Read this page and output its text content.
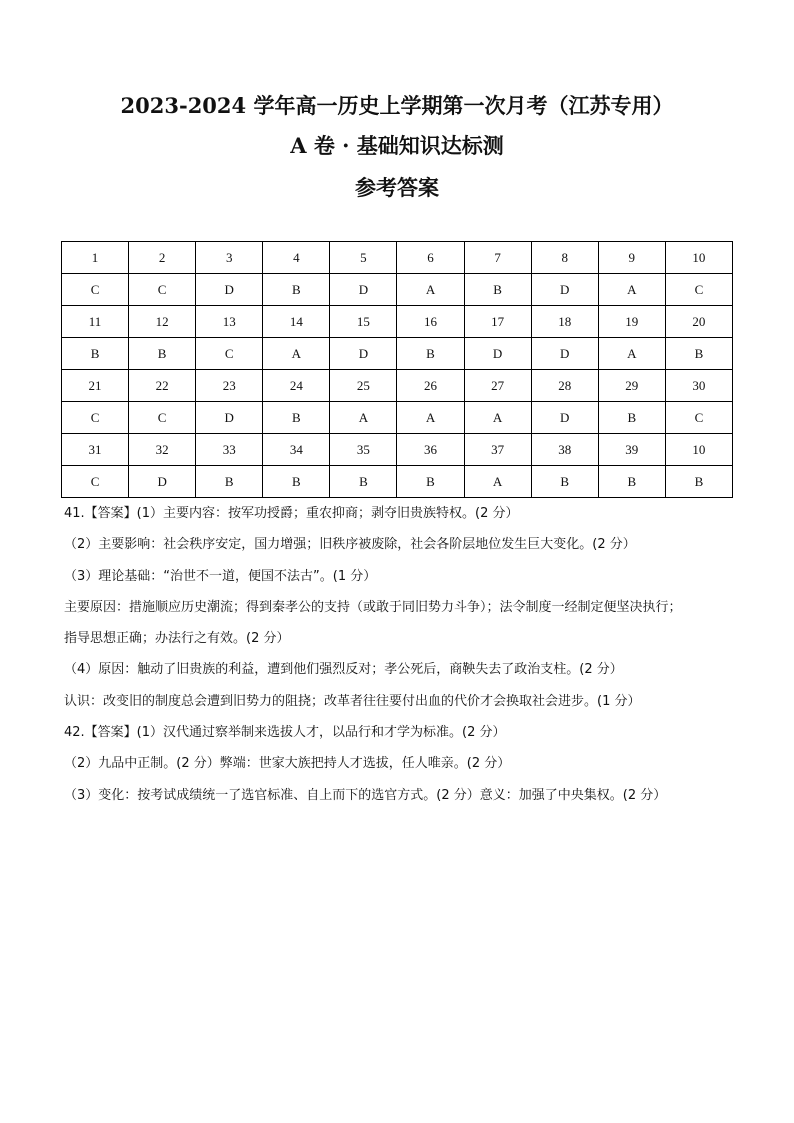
2023-2024 学年高一历史上学期第一次月考（江苏专用）
A 卷 · 基础知识达标测
参考答案
1	2	3	4	5	6	7	8	9	10
C	C	D	B	D	A	B	D	A	C
11	12	13	14	15	16	17	18	19	20
B	B	C	A	D	B	D	D	A	B
21	22	23	24	25	26	27	28	29	30
C	C	D	B	A	A	A	D	B	C
31	32	33	34	35	36	37	38	39	10
C	D	B	B	B	B	A	B	B	B

41.【答案】(1）主要内容：按军功授爵；重农抑商；剥夺旧贵族特权。(2 分）

（2）主要影响：社会秩序安定，国力增强；旧秩序被废除，社会各阶层地位发生巨大变化。(2 分）

（3）理论基础：“治世不一道，便国不法古”。(1 分）

主要原因：措施顺应历史潮流；得到秦孝公的支持（或敢于同旧势力斗争）；法令制度一经制定便坚决执行；

指导思想正确；办法行之有效。(2 分）

（4）原因：触动了旧贵族的利益，遭到他们强烈反对；孝公死后，商鞅失去了政治支柱。(2 分）

认识：改变旧的制度总会遭到旧势力的阻挠；改革者往往要付出血的代价才会换取社会进步。(1 分）

42.【答案】(1）汉代通过察举制来选拔人才，以品行和才学为标准。(2 分）

（2）九品中正制。(2 分）弊端：世家大族把持人才选拔，任人唯亲。(2 分）

（3）变化：按考试成绩统一了选官标准、自上而下的选官方式。(2 分）意义：加强了中央集权。(2 分）
